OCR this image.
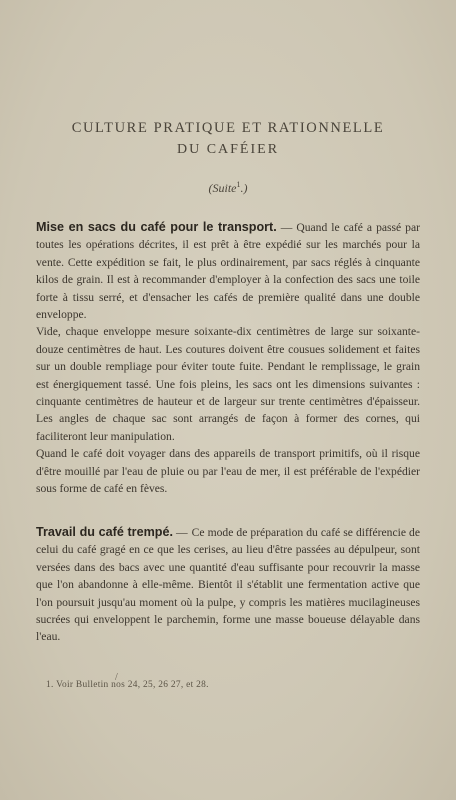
CULTURE PRATIQUE ET RATIONNELLE
DU CAFÉIER
(Suite$^1$.)

Mise en sacs du café pour le transport. — Quand le café a passé par toutes les opérations décrites, il est prêt à être expédié sur les marchés pour la vente. Cette expédition se fait, le plus ordinairement, par sacs réglés à cinquante kilos de grain. Il est à recommander d'employer à la confection des sacs une toile forte à tissu serré, et d'ensacher les cafés de première qualité dans une double enveloppe.

Vide, chaque enveloppe mesure soixante-dix centimètres de large sur soixante-douze centimètres de haut. Les coutures doivent être cousues solidement et faites sur un double rempliage pour éviter toute fuite. Pendant le remplissage, le grain est énergiquement tassé. Une fois pleins, les sacs ont les dimensions suivantes : cinquante centimètres de hauteur et de largeur sur trente centimètres d'épaisseur. Les angles de chaque sac sont arrangés de façon à former des cornes, qui faciliteront leur manipulation.

Quand le café doit voyager dans des appareils de transport primitifs, où il risque d'être mouillé par l'eau de pluie ou par l'eau de mer, il est préférable de l'expédier sous forme de café en fèves.

Travail du café trempé. — Ce mode de préparation du café se différencie de celui du café gragé en ce que les cerises, au lieu d'être passées au dépulpeur, sont versées dans des bacs avec une quantité d'eau suffisante pour recouvrir la masse que l'on abandonne à elle-même. Bientôt il s'établit une fermentation active que l'on poursuit jusqu'au moment où la pulpe, y compris les matières mucilagineuses sucrées qui enveloppent le parchemin, forme une masse boueuse délayable dans l'eau.

/
1. Voir Bulletin nos 24, 25, 26 27, et 28.
